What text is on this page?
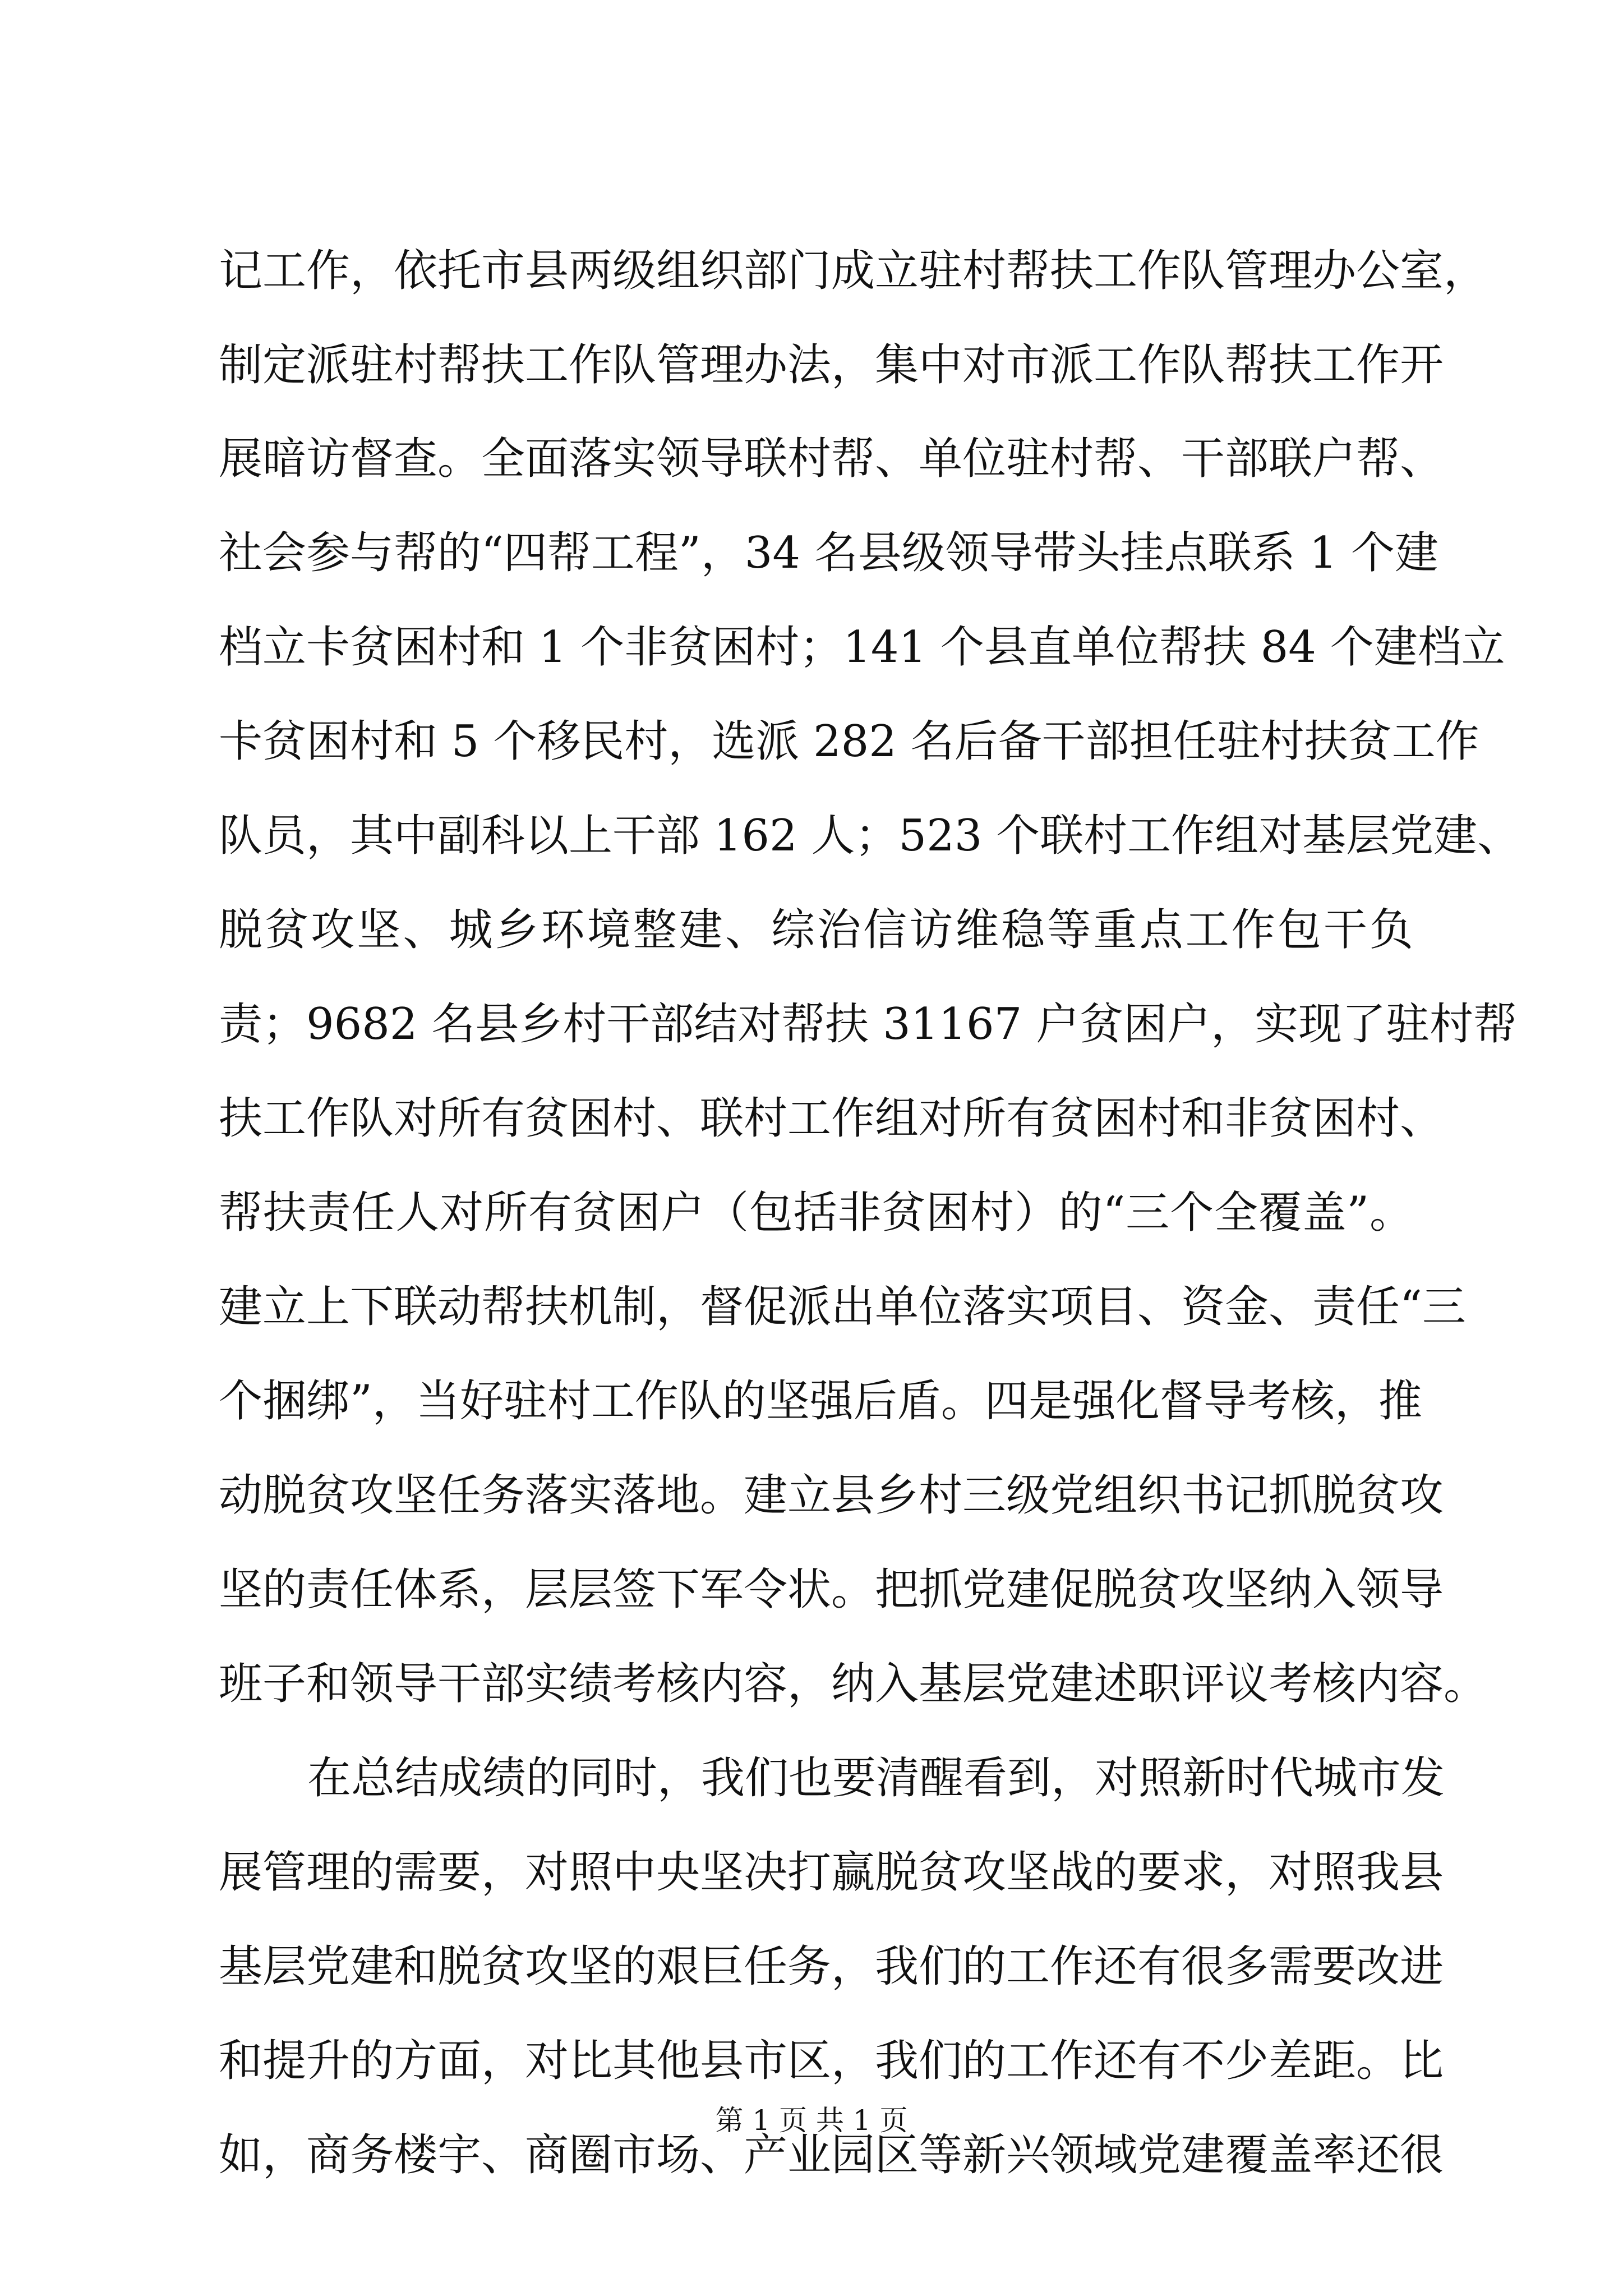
记工作，依托市县两级组织部门成立驻村帮扶工作队管理办公室，

制定派驻村帮扶工作队管理办法，集中对市派工作队帮扶工作开

展暗访督查。全面落实领导联村帮、单位驻村帮、干部联户帮、

社会参与帮的“四帮工程”，34 名县级领导带头挂点联系 1 个建

档立卡贫困村和 1 个非贫困村；141 个县直单位帮扶 84 个建档立

卡贫困村和 5 个移民村，选派 282 名后备干部担任驻村扶贫工作

队员，其中副科以上干部 162 人；523 个联村工作组对基层党建、

脱贫攻坚、城乡环境整建、综治信访维稳等重点工作包干负

责；9682 名县乡村干部结对帮扶 31167 户贫困户，实现了驻村帮

扶工作队对所有贫困村、联村工作组对所有贫困村和非贫困村、

帮扶责任人对所有贫困户（包括非贫困村）的“三个全覆盖”。

建立上下联动帮扶机制，督促派出单位落实项目、资金、责任“三

个捆绑”，当好驻村工作队的坚强后盾。四是强化督导考核，推

动脱贫攻坚任务落实落地。建立县乡村三级党组织书记抓脱贫攻

坚的责任体系，层层签下军令状。把抓党建促脱贫攻坚纳入领导

班子和领导干部实绩考核内容，纳入基层党建述职评议考核内容。

在总结成绩的同时，我们也要清醒看到，对照新时代城市发

展管理的需要，对照中央坚决打赢脱贫攻坚战的要求，对照我县

基层党建和脱贫攻坚的艰巨任务，我们的工作还有很多需要改进

和提升的方面，对比其他县市区，我们的工作还有不少差距。比

如，商务楼宇、商圈市场、产业园区等新兴领域党建覆盖率还很

第 1 页 共 1 页
